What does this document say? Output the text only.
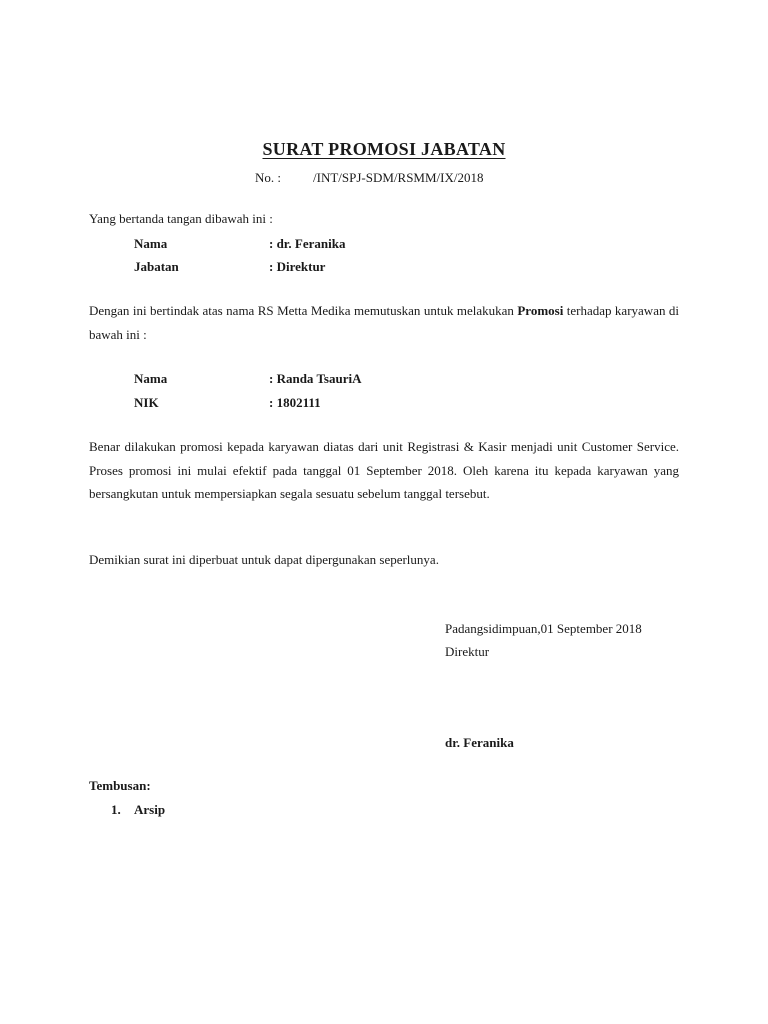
SURAT PROMOSI JABATAN
No. : /INT/SPJ-SDM/RSMM/IX/2018
Yang bertanda tangan dibawah ini :
Nama	: dr. Feranika
Jabatan	: Direktur
Dengan ini bertindak atas nama RS Metta Medika memutuskan untuk melakukan Promosi terhadap karyawan di bawah ini :
Nama	: Randa TsauriA
NIK	: 1802111
Benar dilakukan promosi kepada karyawan diatas dari unit Registrasi & Kasir menjadi unit Customer Service. Proses promosi ini mulai efektif pada tanggal 01 September 2018. Oleh karena itu kepada karyawan yang bersangkutan untuk mempersiapkan segala sesuatu sebelum tanggal tersebut.
Demikian surat ini diperbuat untuk dapat dipergunakan seperlunya.
Padangsidimpuan,01 September 2018
Direktur
dr. Feranika
Tembusan:
1. Arsip
